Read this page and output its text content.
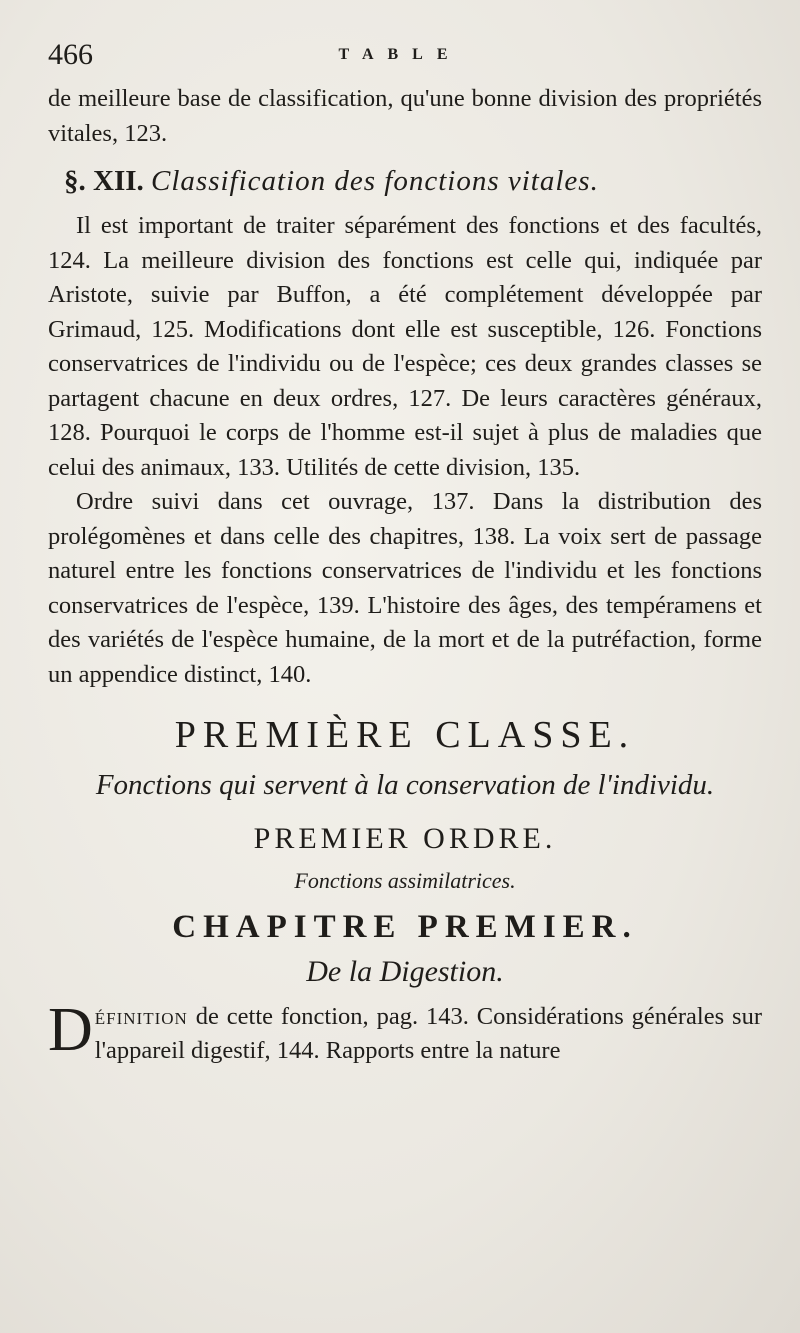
466	TABLE

de meilleure base de classification, qu'une bonne division des propriétés vitales, 123.

§. XII. Classification des fonctions vitales.

Il est important de traiter séparément des fonctions et des facultés, 124. La meilleure division des fonctions est celle qui, indiquée par Aristote, suivie par Buffon, a été complétement développée par Grimaud, 125. Modifications dont elle est susceptible, 126. Fonctions conservatrices de l'individu ou de l'espèce; ces deux grandes classes se partagent chacune en deux ordres, 127. De leurs caractères généraux, 128. Pourquoi le corps de l'homme est-il sujet à plus de maladies que celui des animaux, 133. Utilités de cette division, 135.

Ordre suivi dans cet ouvrage, 137. Dans la distribution des prolégomènes et dans celle des chapitres, 138. La voix sert de passage naturel entre les fonctions conservatrices de l'individu et les fonctions conservatrices de l'espèce, 139. L'histoire des âges, des tempéramens et des variétés de l'espèce humaine, de la mort et de la putréfaction, forme un appendice distinct, 140.

PREMIÈRE CLASSE.
Fonctions qui servent à la conservation de l'individu.
PREMIER ORDRE.
Fonctions assimilatrices.
CHAPITRE PREMIER.
De la Digestion.

Définition de cette fonction, pag. 143. Considérations générales sur l'appareil digestif, 144. Rapports entre la nature
